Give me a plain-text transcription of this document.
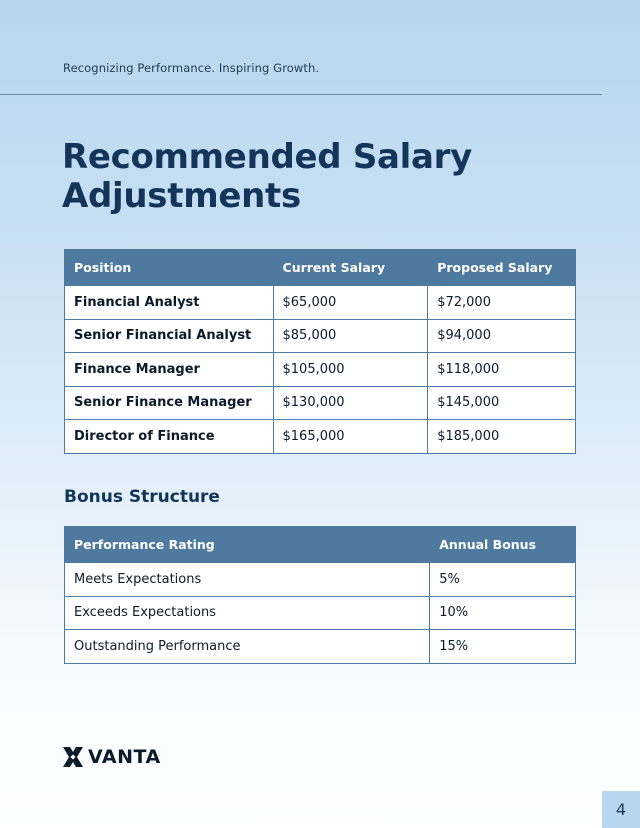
Recognizing Performance. Inspiring Growth.
Recommended Salary Adjustments
Position	Current Salary	Proposed Salary
Financial Analyst	$65,000	$72,000
Senior Financial Analyst	$85,000	$94,000
Finance Manager	$105,000	$118,000
Senior Finance Manager	$130,000	$145,000
Director of Finance	$165,000	$185,000
Bonus Structure
Performance Rating	Annual Bonus
Meets Expectations	5%
Exceeds Expectations	10%
Outstanding Performance	15%
VANTA
4
